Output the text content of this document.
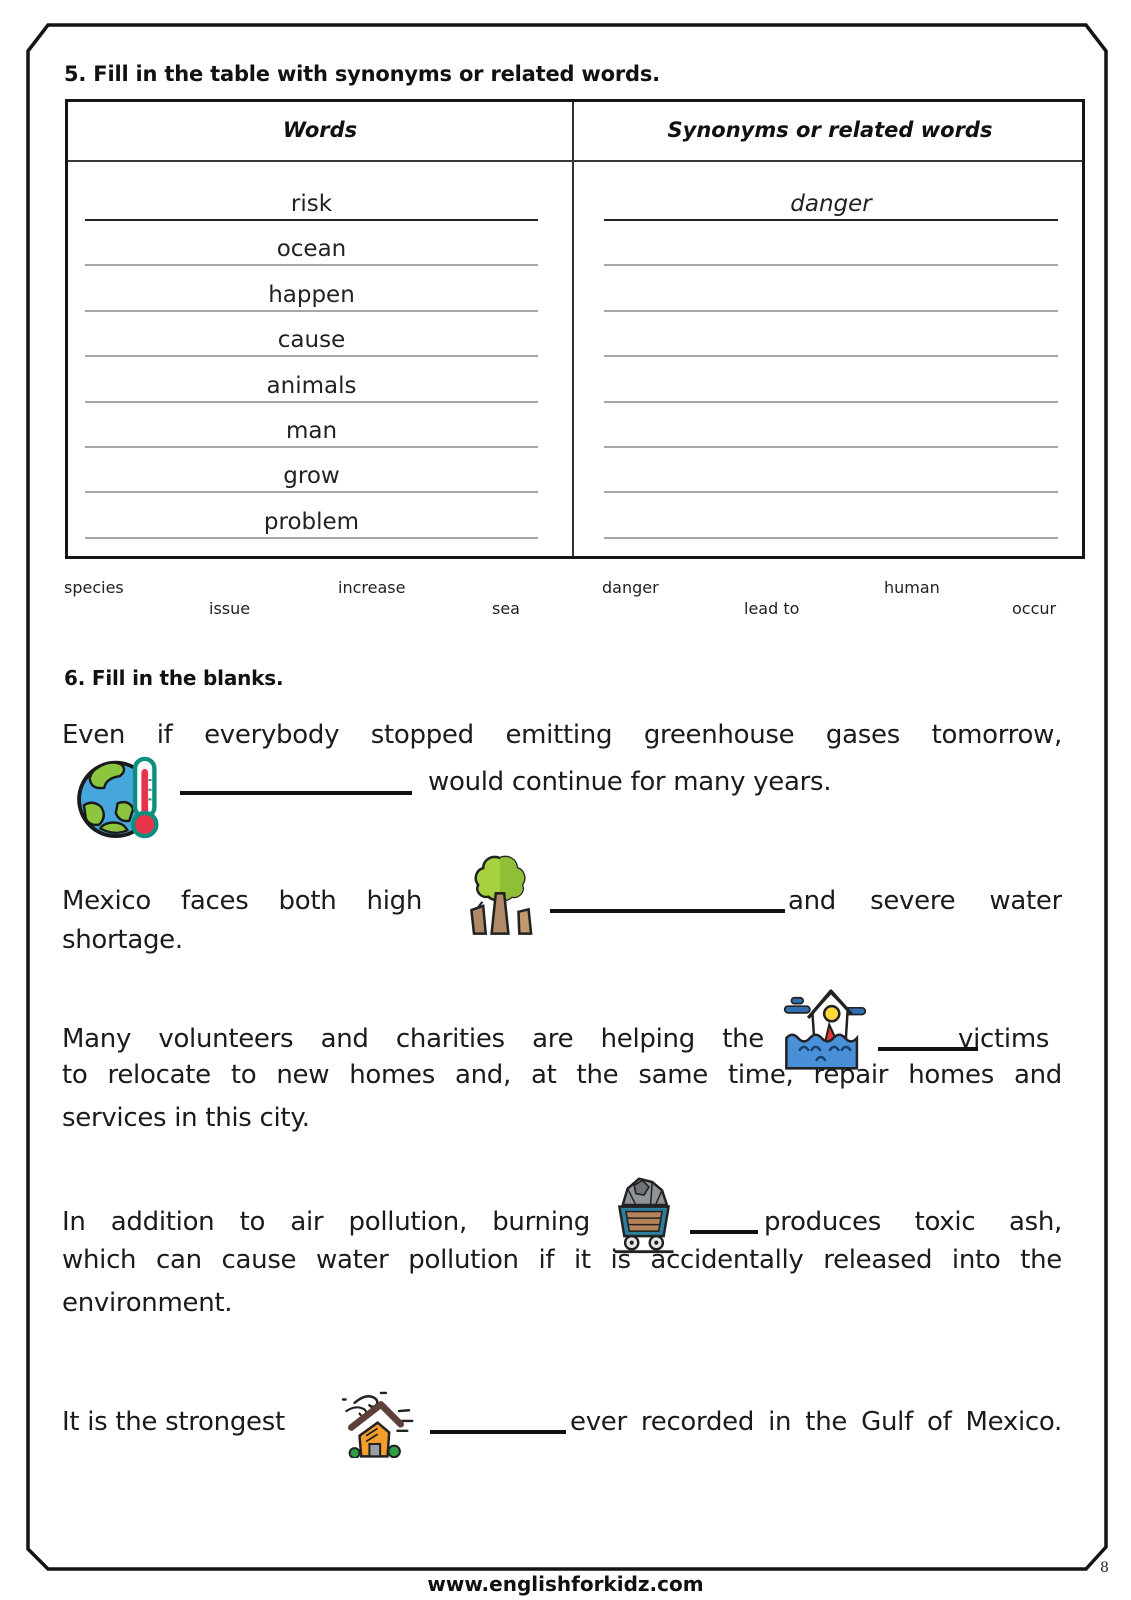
5. Fill in the table with synonyms or related words.
Words	Synonyms or related words
risk	danger
ocean
happen
cause
animals
man
grow
problem
species	increase	danger	human
issue	sea	lead to	occur
6. Fill in the blanks.
Even if everybody stopped emitting greenhouse gases tomorrow,
would continue for many years.
Mexico faces both high	and severe water
shortage.
Many volunteers and charities are helping the	victims
to relocate to new homes and, at the same time, repair homes and
services in this city.
In addition to air pollution, burning	produces toxic ash,
which can cause water pollution if it is accidentally released into the
environment.
It is the strongest	ever recorded in the Gulf of Mexico.
www.englishforkidz.com
8
